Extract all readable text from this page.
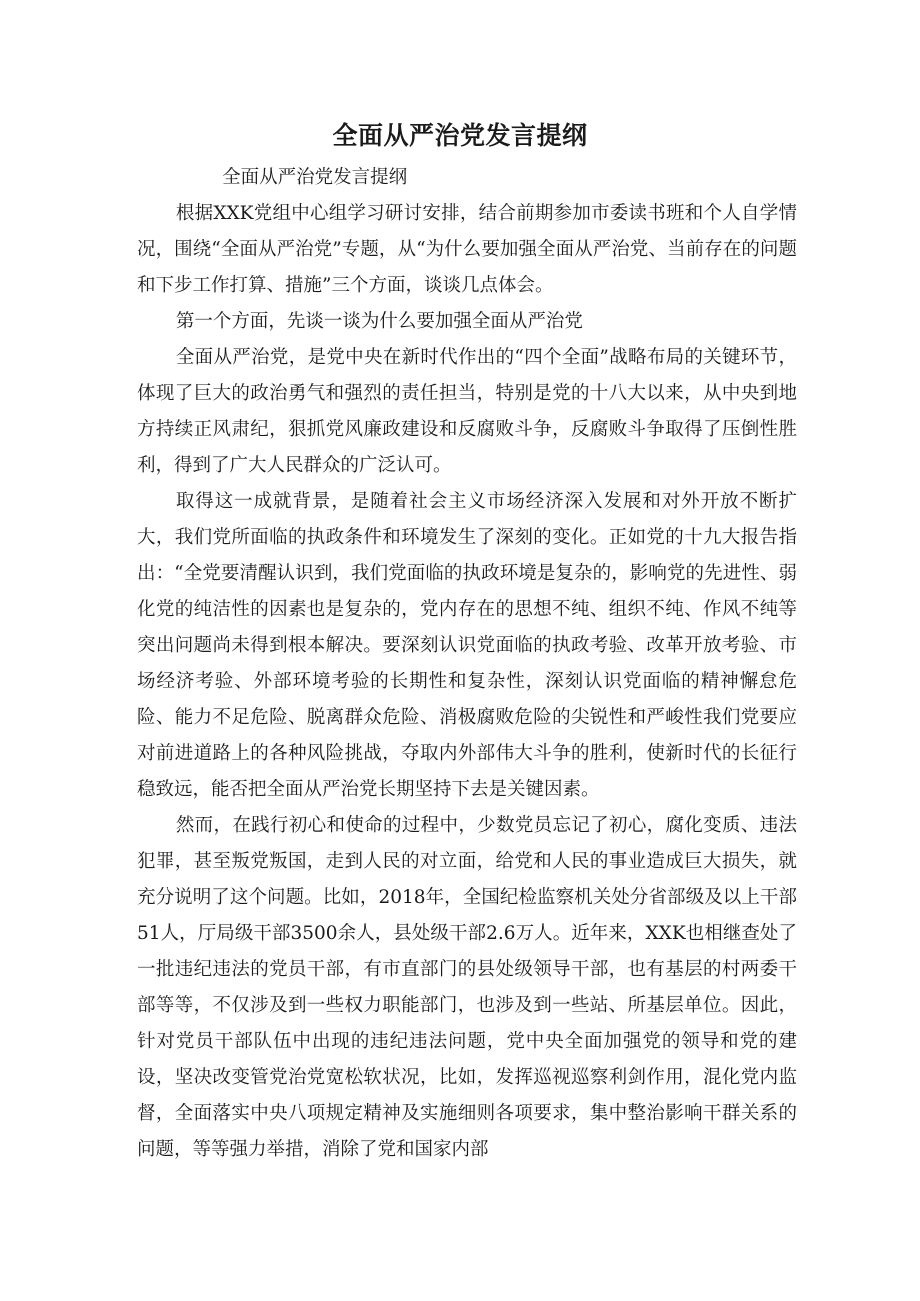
全面从严治党发言提纲

全面从严治党发言提纲

根据XXK党组中心组学习研讨安排，结合前期参加市委读书班和个人自学情况，围绕“全面从严治党”专题，从“为什么要加强全面从严治党、当前存在的问题和下步工作打算、措施”三个方面，谈谈几点体会。

第一个方面，先谈一谈为什么要加强全面从严治党

全面从严治党，是党中央在新时代作出的“四个全面”战略布局的关键环节，体现了巨大的政治勇气和强烈的责任担当，特别是党的十八大以来，从中央到地方持续正风肃纪，狠抓党风廉政建设和反腐败斗争，反腐败斗争取得了压倒性胜利，得到了广大人民群众的广泛认可。

取得这一成就背景，是随着社会主义市场经济深入发展和对外开放不断扩大，我们党所面临的执政条件和环境发生了深刻的变化。正如党的十九大报告指出：“全党要清醒认识到，我们党面临的执政环境是复杂的，影响党的先进性、弱化党的纯洁性的因素也是复杂的，党内存在的思想不纯、组织不纯、作风不纯等突出问题尚未得到根本解决。要深刻认识党面临的执政考验、改革开放考验、市场经济考验、外部环境考验的长期性和复杂性，深刻认识党面临的精神懈怠危险、能力不足危险、脱离群众危险、消极腐败危险的尖锐性和严峻性我们党要应对前进道路上的各种风险挑战，夺取内外部伟大斗争的胜利，使新时代的长征行稳致远，能否把全面从严治党长期坚持下去是关键因素。

然而，在践行初心和使命的过程中，少数党员忘记了初心，腐化变质、违法犯罪，甚至叛党叛国，走到人民的对立面，给党和人民的事业造成巨大损失，就充分说明了这个问题。比如，2018年，全国纪检监察机关处分省部级及以上干部51人，厅局级干部3500余人，县处级干部2.6万人。近年来，XXK也相继查处了一批违纪违法的党员干部，有市直部门的县处级领导干部，也有基层的村两委干部等等，不仅涉及到一些权力职能部门，也涉及到一些站、所基层单位。因此，针对党员干部队伍中出现的违纪违法问题，党中央全面加强党的领导和党的建设，坚决改变管党治党宽松软状况，比如，发挥巡视巡察利剑作用，混化党内监督，全面落实中央八项规定精神及实施细则各项要求，集中整治影响干群关系的问题，等等强力举措，消除了党和国家内部
